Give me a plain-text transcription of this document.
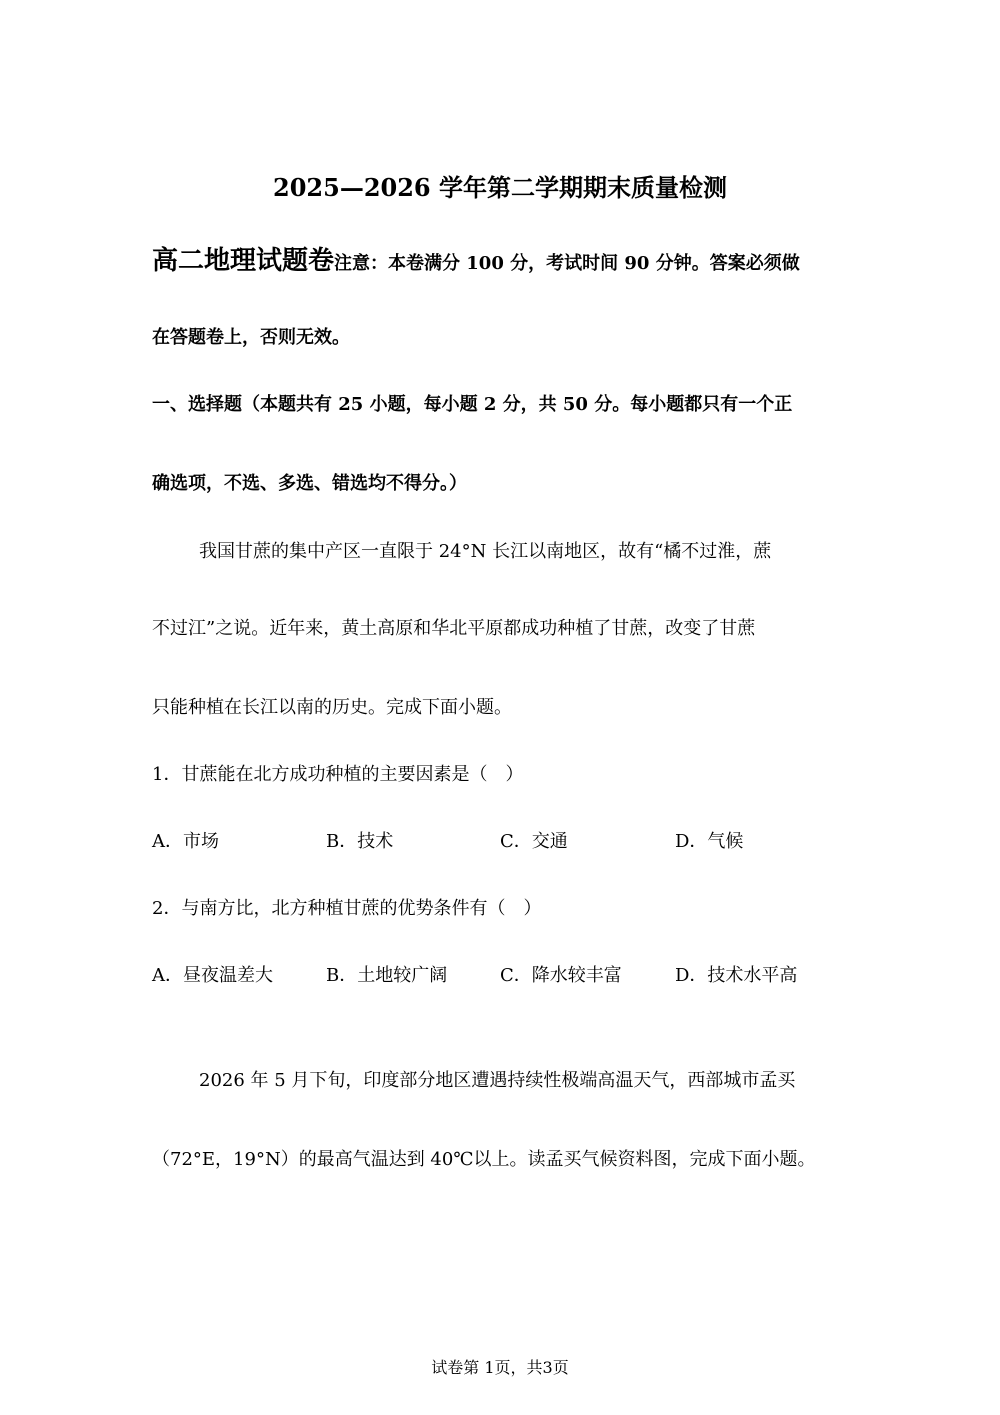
2025—2026 学年第二学期期末质量检测
高二地理试题卷注意：本卷满分 100 分，考试时间 90 分钟。答案必须做
在答题卷上，否则无效。
一、选择题（本题共有 25 小题，每小题 2 分，共 50 分。每小题都只有一个正
确选项，不选、多选、错选均不得分。）
我国甘蔗的集中产区一直限于 24°N 长江以南地区，故有“橘不过淮，蔗
不过江”之说。近年来，黄土高原和华北平原都成功种植了甘蔗，改变了甘蔗
只能种植在长江以南的历史。完成下面小题。
1．甘蔗能在北方成功种植的主要因素是（　）
A．市场	B．技术	C．交通	D．气候
2．与南方比，北方种植甘蔗的优势条件有（　）
A．昼夜温差大	B．土地较广阔	C．降水较丰富	D．技术水平高
2026 年 5 月下旬，印度部分地区遭遇持续性极端高温天气，西部城市孟买
（72°E，19°N）的最高气温达到 40℃以上。读孟买气候资料图，完成下面小题。
试卷第 1页，共3页
